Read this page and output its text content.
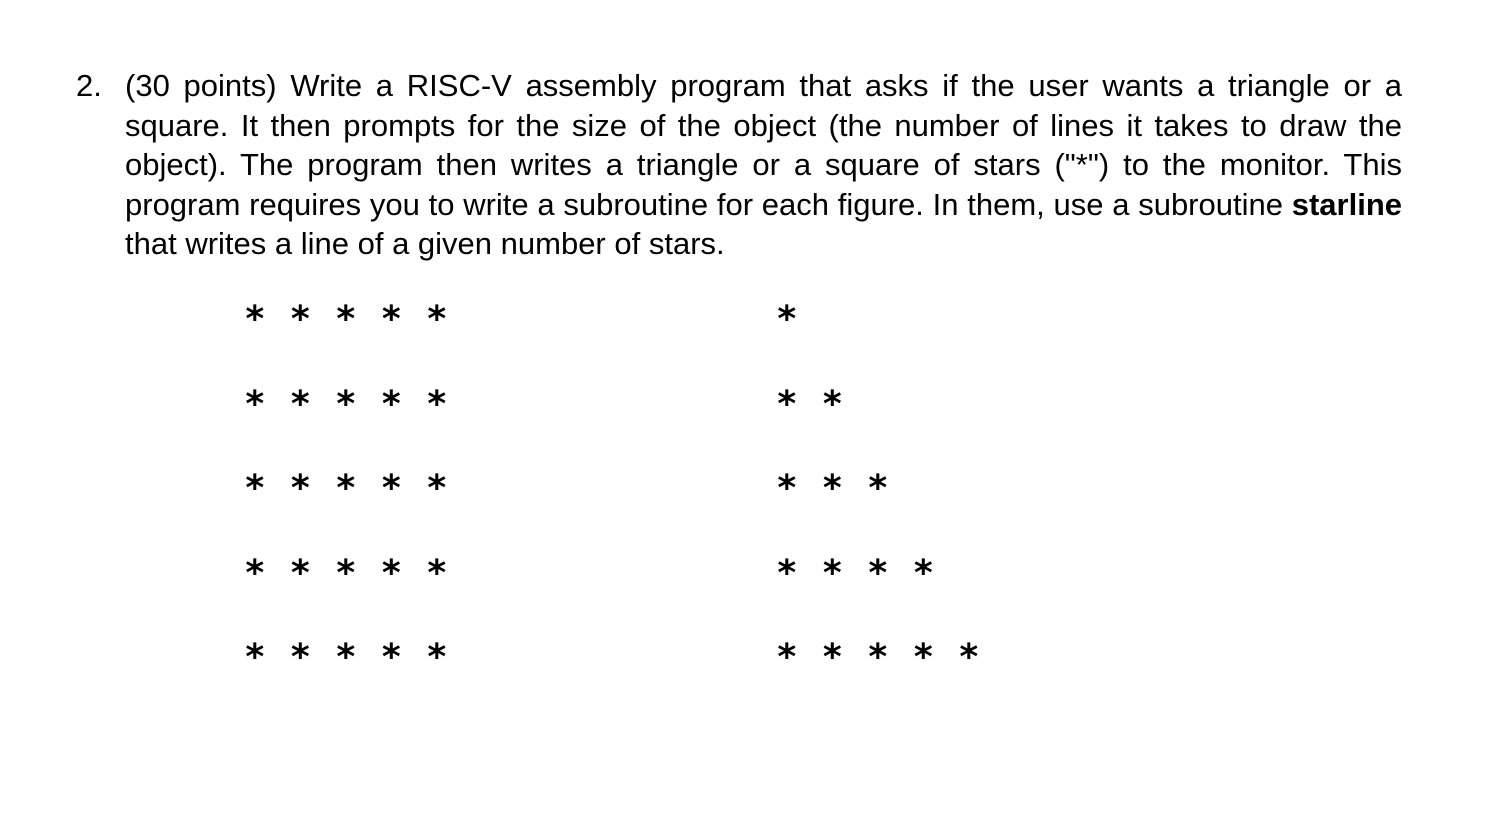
2. (30 points) Write a RISC-V assembly program that asks if the user wants a triangle or a square. It then prompts for the size of the object (the number of lines it takes to draw the object). The program then writes a triangle or a square of stars ("*") to the monitor. This program requires you to write a subroutine for each figure. In them, use a subroutine starline that writes a line of a given number of stars.
* * * * *
* * * * *
* * * * *
* * * * *
* * * * *
*
* *
* * *
* * * *
* * * * *
